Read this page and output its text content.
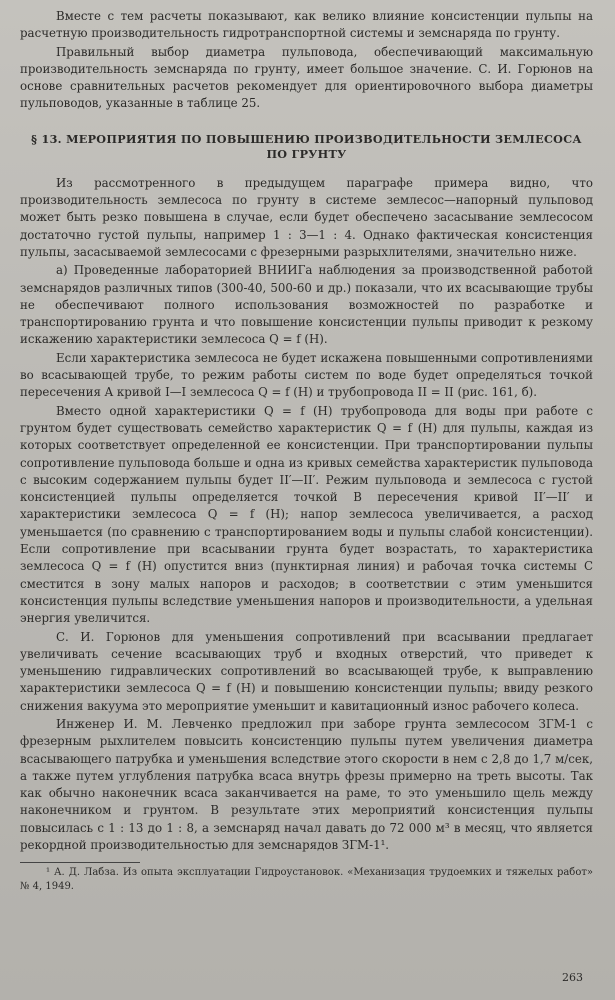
Вместе с тем расчеты показывают, как велико влияние консистенции пульпы на расчетную производительность гидротранспортной системы и земснаряда по грунту.

Правильный выбор диаметра пульповода, обеспечивающий максимальную производительность земснаряда по грунту, имеет большое значение. С. И. Горюнов на основе сравнительных расчетов рекомендует для ориентировочного выбора диаметры пульповодов, указанные в таблице 25.

§ 13. МЕРОПРИЯТИЯ ПО ПОВЫШЕНИЮ ПРОИЗВОДИТЕЛЬНОСТИ ЗЕМЛЕСОСА ПО ГРУНТУ

Из рассмотренного в предыдущем параграфе примера видно, что производительность землесоса по грунту в системе землесос—напорный пульповод может быть резко повышена в случае, если будет обеспечено засасывание землесосом достаточно густой пульпы, например 1 : 3—1 : 4. Однако фактическая консистенция пульпы, засасываемой землесосами с фрезерными разрыхлителями, значительно ниже.

а) Проведенные лабораторией ВНИИГа наблюдения за производственной работой земснарядов различных типов (300-40, 500-60 и др.) показали, что их всасывающие трубы не обеспечивают полного использования возможностей по разработке и транспортированию грунта и что повышение консистенции пульпы приводит к резкому искажению характеристики землесоса Q = f (H).

Если характеристика землесоса не будет искажена повышенными сопротивлениями во всасывающей трубе, то режим работы систем по воде будет определяться точкой пересечения A кривой I—I землесоса Q = f (H) и трубопровода II = II (рис. 161, б).

Вместо одной характеристики Q = f (H) трубопровода для воды при работе с грунтом будет существовать семейство характеристик Q = f (H) для пульпы, каждая из которых соответствует определенной ее консистенции. При транспортировании пульпы сопротивление пульповода больше и одна из кривых семейства характеристик пульповода с высоким содержанием пульпы будет II′—II′. Режим пульповода и землесоса с густой консистенцией пульпы определяется точкой B пересечения кривой II′—II′ и характеристики землесоса Q = f (H); напор землесоса увеличивается, а расход уменьшается (по сравнению с транспортированием воды и пульпы слабой консистенции). Если сопротивление при всасывании грунта будет возрастать, то характеристика землесоса Q = f (H) опустится вниз (пунктирная линия) и рабочая точка системы C сместится в зону малых напоров и расходов; в соответствии с этим уменьшится консистенция пульпы вследствие уменьшения напоров и производительности, а удельная энергия увеличится.

С. И. Горюнов для уменьшения сопротивлений при всасывании предлагает увеличивать сечение всасывающих труб и входных отверстий, что приведет к уменьшению гидравлических сопротивлений во всасывающей трубе, к выправлению характеристики землесоса Q = f (H) и повышению консистенции пульпы; ввиду резкого снижения вакуума это мероприятие уменьшит и кавитационный износ рабочего колеса.

Инженер И. М. Левченко предложил при заборе грунта землесосом ЗГМ-1 с фрезерным рыхлителем повысить консистенцию пульпы путем увеличения диаметра всасывающего патрубка и уменьшения вследствие этого скорости в нем с 2,8 до 1,7 м/сек, а также путем углубления патрубка всаса внутрь фрезы примерно на треть высоты. Так как обычно наконечник всаса заканчивается на раме, то это уменьшило щель между наконечником и грунтом. В результате этих мероприятий консистенция пульпы повысилась с 1 : 13 до 1 : 8, а земснаряд начал давать до 72 000 м³ в месяц, что является рекордной производительностью для земснарядов ЗГМ-1¹.

¹ А. Д. Лабза. Из опыта эксплуатации Гидроустановок. «Механизация трудоемких и тяжелых работ» № 4, 1949.

263
